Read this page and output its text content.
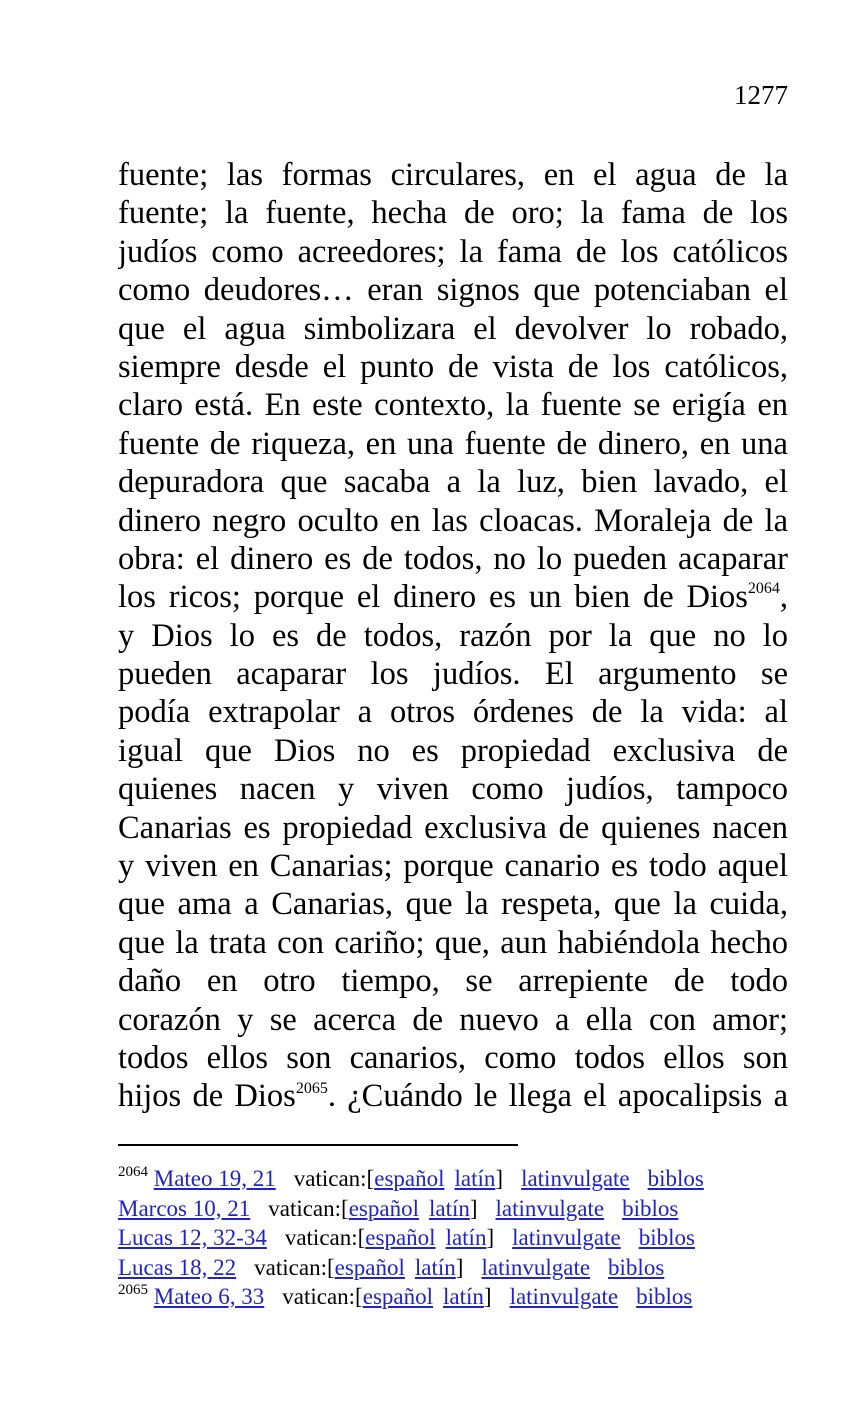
1277
fuente; las formas circulares, en el agua de la
fuente; la fuente, hecha de oro; la fama de los
judíos como acreedores; la fama de los católicos
como deudores… eran signos que potenciaban el
que el agua simbolizara el devolver lo robado,
siempre desde el punto de vista de los católicos,
claro está. En este contexto, la fuente se erigía en
fuente de riqueza, en una fuente de dinero, en una
depuradora que sacaba a la luz, bien lavado, el
dinero negro oculto en las cloacas. Moraleja de la
obra: el dinero es de todos, no lo pueden acaparar
los ricos; porque el dinero es un bien de Dios$^{2064}$,
y Dios lo es de todos, razón por la que no lo
pueden acaparar los judíos. El argumento se
podía extrapolar a otros órdenes de la vida: al
igual que Dios no es propiedad exclusiva de
quienes nacen y viven como judíos, tampoco
Canarias es propiedad exclusiva de quienes nacen
y viven en Canarias; porque canario es todo aquel
que ama a Canarias, que la respeta, que la cuida,
que la trata con cariño; que, aun habiéndola hecho
daño en otro tiempo, se arrepiente de todo
corazón y se acerca de nuevo a ella con amor;
todos ellos son canarios, como todos ellos son
hijos de Dios$^{2065}$. ¿Cuándo le llega el apocalipsis a
$^{2064}$ Mateo 19, 21 vatican:[español latín] latinvulgate biblos
Marcos 10, 21 vatican:[español latín] latinvulgate biblos
Lucas 12, 32-34 vatican:[español latín] latinvulgate biblos
Lucas 18, 22 vatican:[español latín] latinvulgate biblos
$^{2065}$ Mateo 6, 33 vatican:[español latín] latinvulgate biblos
